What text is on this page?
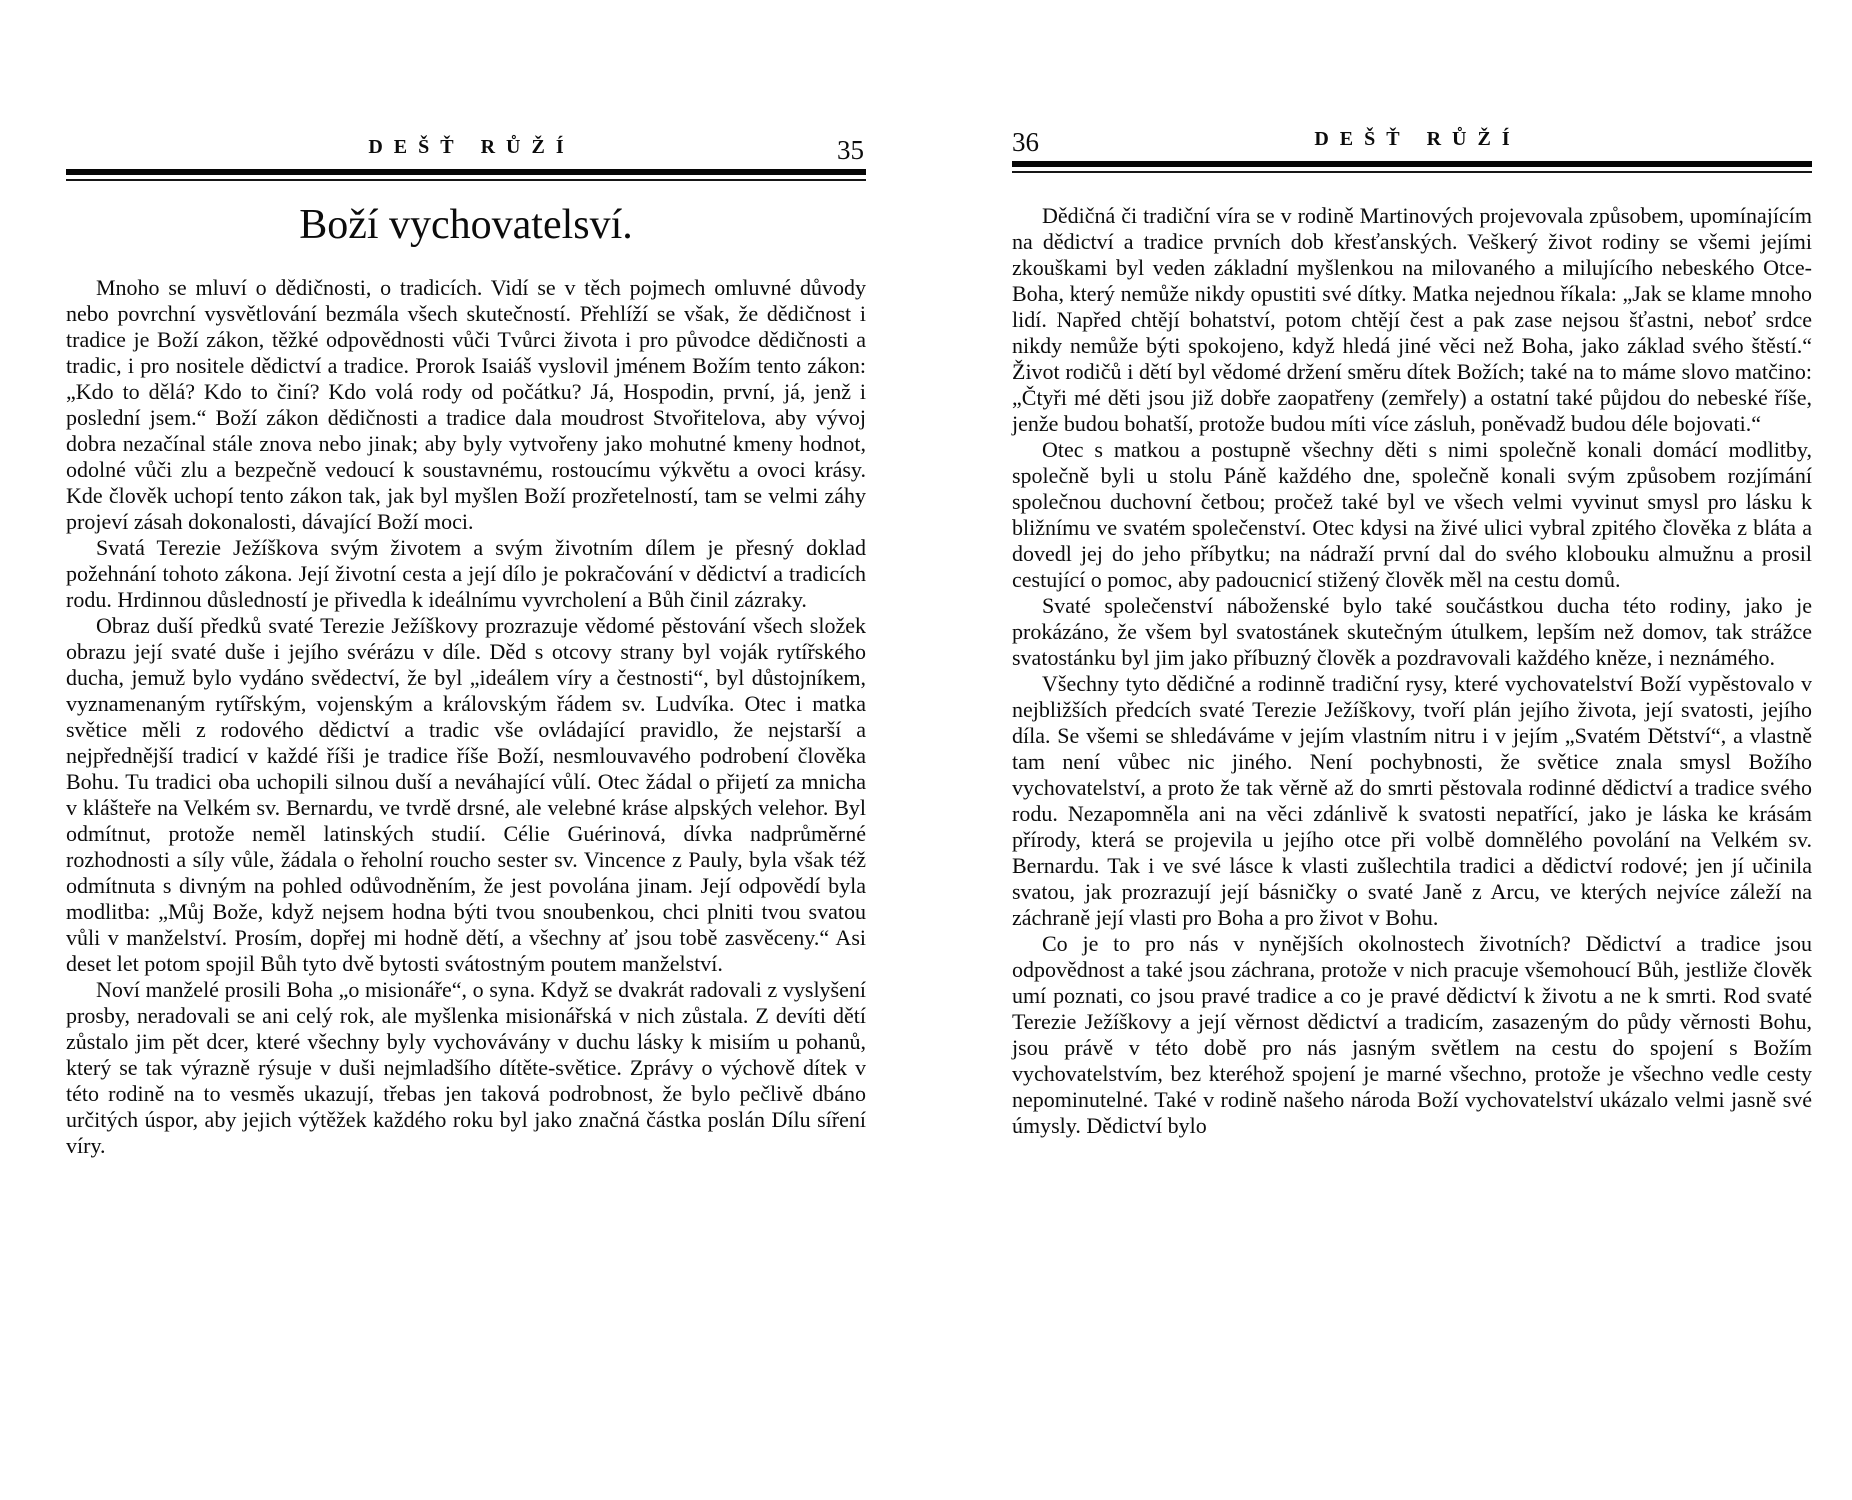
DEŠŤ RŮŽÍ	35
Boží vychovatelsví.

Mnoho se mluví o dědičnosti, o tradicích. Vidí se v těch pojmech omluvné důvody nebo povrchní vysvětlování bezmála všech skutečností. Přehlíží se však, že dědičnost i tradice je Boží zákon, těžké odpovědnosti vůči Tvůrci života i pro původce dědičnosti a tradic, i pro nositele dědictví a tradice. Prorok Isaiáš vyslovil jménem Božím tento zákon: „Kdo to dělá? Kdo to činí? Kdo volá rody od počátku? Já, Hospodin, první, já, jenž i poslední jsem.“ Boží zákon dědičnosti a tradice dala moudrost Stvořitelova, aby vývoj dobra nezačínal stále znova nebo jinak; aby byly vytvořeny jako mohutné kmeny hodnot, odolné vůči zlu a bezpečně vedoucí k soustavnému, rostoucímu výkvětu a ovoci krásy. Kde člověk uchopí tento zákon tak, jak byl myšlen Boží prozřetelností, tam se velmi záhy projeví zásah dokonalosti, dávající Boží moci.

Svatá Terezie Ježíškova svým životem a svým životním dílem je přesný doklad požehnání tohoto zákona. Její životní cesta a její dílo je pokračování v dědictví a tradicích rodu. Hrdinnou důsledností je přivedla k ideálnímu vyvrcholení a Bůh činil zázraky.

Obraz duší předků svaté Terezie Ježíškovy prozrazuje vědomé pěstování všech složek obrazu její svaté duše i jejího svérázu v díle. Děd s otcovy strany byl voják rytířského ducha, jemuž bylo vydáno svědectví, že byl „ideálem víry a čestnosti“, byl důstojníkem, vyznamenaným rytířským, vojenským a královským řádem sv. Ludvíka. Otec i matka světice měli z rodového dědictví a tradic vše ovládající pravidlo, že nejstarší a nejpřednější tradicí v každé říši je tradice říše Boží, nesmlouvavého podrobení člověka Bohu. Tu tradici oba uchopili silnou duší a neváhající vůlí. Otec žádal o přijetí za mnicha v klášteře na Velkém sv. Bernardu, ve tvrdě drsné, ale velebné kráse alpských velehor. Byl odmítnut, protože neměl latinských studií. Célie Guérinová, dívka nadprůměrné rozhodnosti a síly vůle, žádala o řeholní roucho sester sv. Vincence z Pauly, byla však též odmítnuta s divným na pohled odůvodněním, že jest povolána jinam. Její odpovědí byla modlitba: „Můj Bože, když nejsem hodna býti tvou snoubenkou, chci plniti tvou svatou vůli v manželství. Prosím, dopřej mi hodně dětí, a všechny ať jsou tobě zasvěceny.“ Asi deset let potom spojil Bůh tyto dvě bytosti svátostným poutem manželství.

Noví manželé prosili Boha „o misionáře“, o syna. Když se dvakrát radovali z vyslyšení prosby, neradovali se ani celý rok, ale myšlenka misionářská v nich zůstala. Z devíti dětí zůstalo jim pět dcer, které všechny byly vychovávány v duchu lásky k misiím u pohanů, který se tak výrazně rýsuje v duši nejmladšího dítěte-světice. Zprávy o výchově dítek v této rodině na to vesměs ukazují, třebas jen taková podrobnost, že bylo pečlivě dbáno určitých úspor, aby jejich výtěžek každého roku byl jako značná částka poslán Dílu síření víry.

DEŠŤ RŮŽÍ
36

Dědičná či tradiční víra se v rodině Martinových projevovala způsobem, upomínajícím na dědictví a tradice prvních dob křesťanských. Veškerý život rodiny se všemi jejími zkouškami byl veden základní myšlenkou na milovaného a milujícího nebeského Otce-Boha, který nemůže nikdy opustiti své dítky. Matka nejednou říkala: „Jak se klame mnoho lidí. Napřed chtějí bohatství, potom chtějí čest a pak zase nejsou šťastni, neboť srdce nikdy nemůže býti spokojeno, když hledá jiné věci než Boha, jako základ svého štěstí.“ Život rodičů i dětí byl vědomé držení směru dítek Božích; také na to máme slovo matčino: „Čtyři mé děti jsou již dobře zaopatřeny (zemřely) a ostatní také půjdou do nebeské říše, jenže budou bohatší, protože budou míti více zásluh, poněvadž budou déle bojovati.“

Otec s matkou a postupně všechny děti s nimi společně konali domácí modlitby, společně byli u stolu Páně každého dne, společně konali svým způsobem rozjímání společnou duchovní četbou; pročež také byl ve všech velmi vyvinut smysl pro lásku k bližnímu ve svatém společenství. Otec kdysi na živé ulici vybral zpitého člověka z bláta a dovedl jej do jeho příbytku; na nádraží první dal do svého klobouku almužnu a prosil cestující o pomoc, aby padoucnicí stižený člověk měl na cestu domů.

Svaté společenství náboženské bylo také součástkou ducha této rodiny, jako je prokázáno, že všem byl svatostánek skutečným útulkem, lepším než domov, tak strážce svatostánku byl jim jako příbuzný člověk a pozdravovali každého kněze, i neznámého.

Všechny tyto dědičné a rodinně tradiční rysy, které vychovatelství Boží vypěstovalo v nejbližších předcích svaté Terezie Ježíškovy, tvoří plán jejího života, její svatosti, jejího díla. Se všemi se shledáváme v jejím vlastním nitru i v jejím „Svatém Dětství“, a vlastně tam není vůbec nic jiného. Není pochybnosti, že světice znala smysl Božího vychovatelství, a proto že tak věrně až do smrti pěstovala rodinné dědictví a tradice svého rodu. Nezapomněla ani na věci zdánlivě k svatosti nepatřící, jako je láska ke krásám přírody, která se projevila u jejího otce při volbě domnělého povolání na Velkém sv. Bernardu. Tak i ve své lásce k vlasti zušlechtila tradici a dědictví rodové; jen jí učinila svatou, jak prozrazují její básničky o svaté Janě z Arcu, ve kterých nejvíce záleží na záchraně její vlasti pro Boha a pro život v Bohu.

Co je to pro nás v nynějších okolnostech životních? Dědictví a tradice jsou odpovědnost a také jsou záchrana, protože v nich pracuje všemohoucí Bůh, jestliže člověk umí poznati, co jsou pravé tradice a co je pravé dědictví k životu a ne k smrti. Rod svaté Terezie Ježíškovy a její věrnost dědictví a tradicím, zasazeným do půdy věrnosti Bohu, jsou právě v této době pro nás jasným světlem na cestu do spojení s Božím vychovatelstvím, bez kteréhož spojení je marné všechno, protože je všechno vedle cesty nepominutelné. Také v rodině našeho národa Boží vychovatelství ukázalo velmi jasně své úmysly. Dědictví bylo
